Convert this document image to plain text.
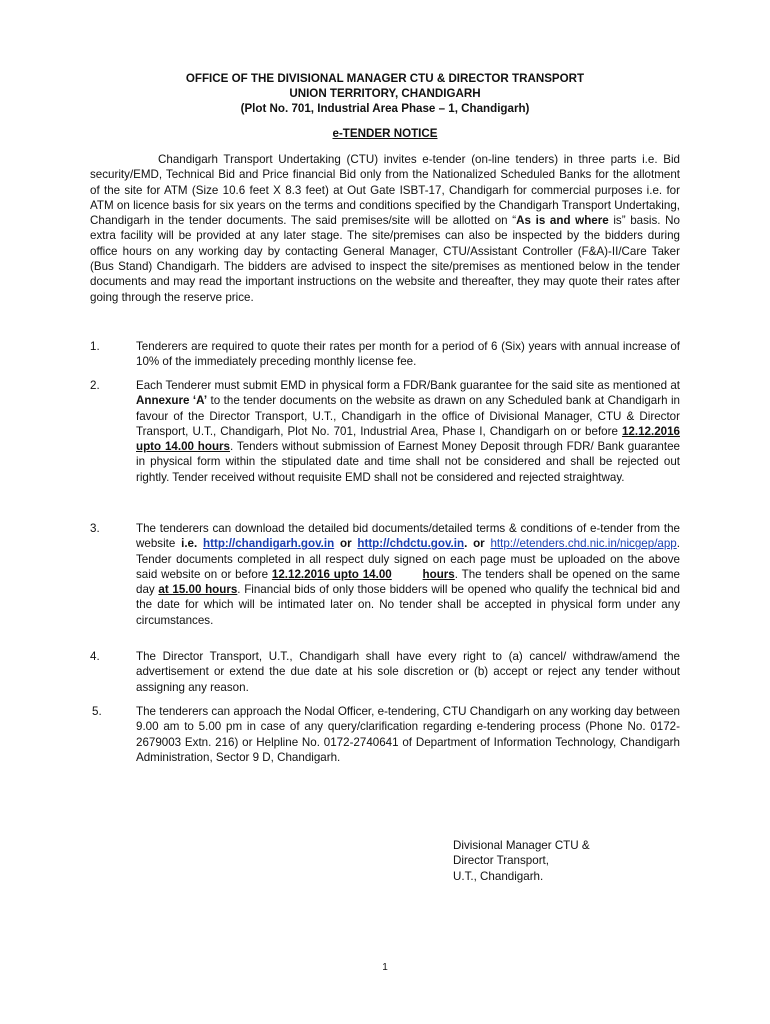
OFFICE OF THE DIVISIONAL MANAGER CTU & DIRECTOR TRANSPORT
UNION TERRITORY, CHANDIGARH
(Plot No. 701, Industrial Area Phase – 1, Chandigarh)
e-TENDER NOTICE
Chandigarh Transport Undertaking (CTU) invites e-tender (on-line tenders) in three parts i.e. Bid security/EMD, Technical Bid and Price financial Bid only from the Nationalized Scheduled Banks for the allotment of the site for ATM (Size 10.6 feet X 8.3 feet) at Out Gate ISBT-17, Chandigarh for commercial purposes i.e. for ATM on licence basis for six years on the terms and conditions specified by the Chandigarh Transport Undertaking, Chandigarh in the tender documents. The said premises/site will be allotted on “As is and where is” basis. No extra facility will be provided at any later stage. The site/premises can also be inspected by the bidders during office hours on any working day by contacting General Manager, CTU/Assistant Controller (F&A)-II/Care Taker (Bus Stand) Chandigarh. The bidders are advised to inspect the site/premises as mentioned below in the tender documents and may read the important instructions on the website and thereafter, they may quote their rates after going through the reserve price.
1.	Tenderers are required to quote their rates per month for a period of 6 (Six) years with annual increase of 10% of the immediately preceding monthly license fee.
2.	Each Tenderer must submit EMD in physical form a FDR/Bank guarantee for the said site as mentioned at Annexure ‘A’ to the tender documents on the website as drawn on any Scheduled bank at Chandigarh in favour of the Director Transport, U.T., Chandigarh in the office of Divisional Manager, CTU & Director Transport, U.T., Chandigarh, Plot No. 701, Industrial Area, Phase I, Chandigarh on or before 12.12.2016 upto 14.00 hours. Tenders without submission of Earnest Money Deposit through FDR/ Bank guarantee in physical form within the stipulated date and time shall not be considered and shall be rejected out rightly. Tender received without requisite EMD shall not be considered and rejected straightway.
3.	The tenderers can download the detailed bid documents/detailed terms & conditions of e-tender from the website i.e. http://chandigarh.gov.in or http://chdctu.gov.in. or http://etenders.chd.nic.in/nicgep/app. Tender documents completed in all respect duly signed on each page must be uploaded on the above said website on or before 12.12.2016 upto 14.00	hours. The tenders shall be opened on the same day at 15.00 hours. Financial bids of only those bidders will be opened who qualify the technical bid and the date for which will be intimated later on. No tender shall be accepted in physical form under any circumstances.
4.	The Director Transport, U.T., Chandigarh shall have every right to (a) cancel/ withdraw/amend the advertisement or extend the due date at his sole discretion or (b) accept or reject any tender without assigning any reason.
5.	The tenderers can approach the Nodal Officer, e-tendering, CTU Chandigarh on any working day between 9.00 am to 5.00 pm in case of any query/clarification regarding e-tendering process (Phone No. 0172-2679003 Extn. 216) or Helpline No. 0172-2740641 of Department of Information Technology, Chandigarh Administration, Sector 9 D, Chandigarh.
Divisional Manager CTU &
Director Transport,
U.T., Chandigarh.
1
